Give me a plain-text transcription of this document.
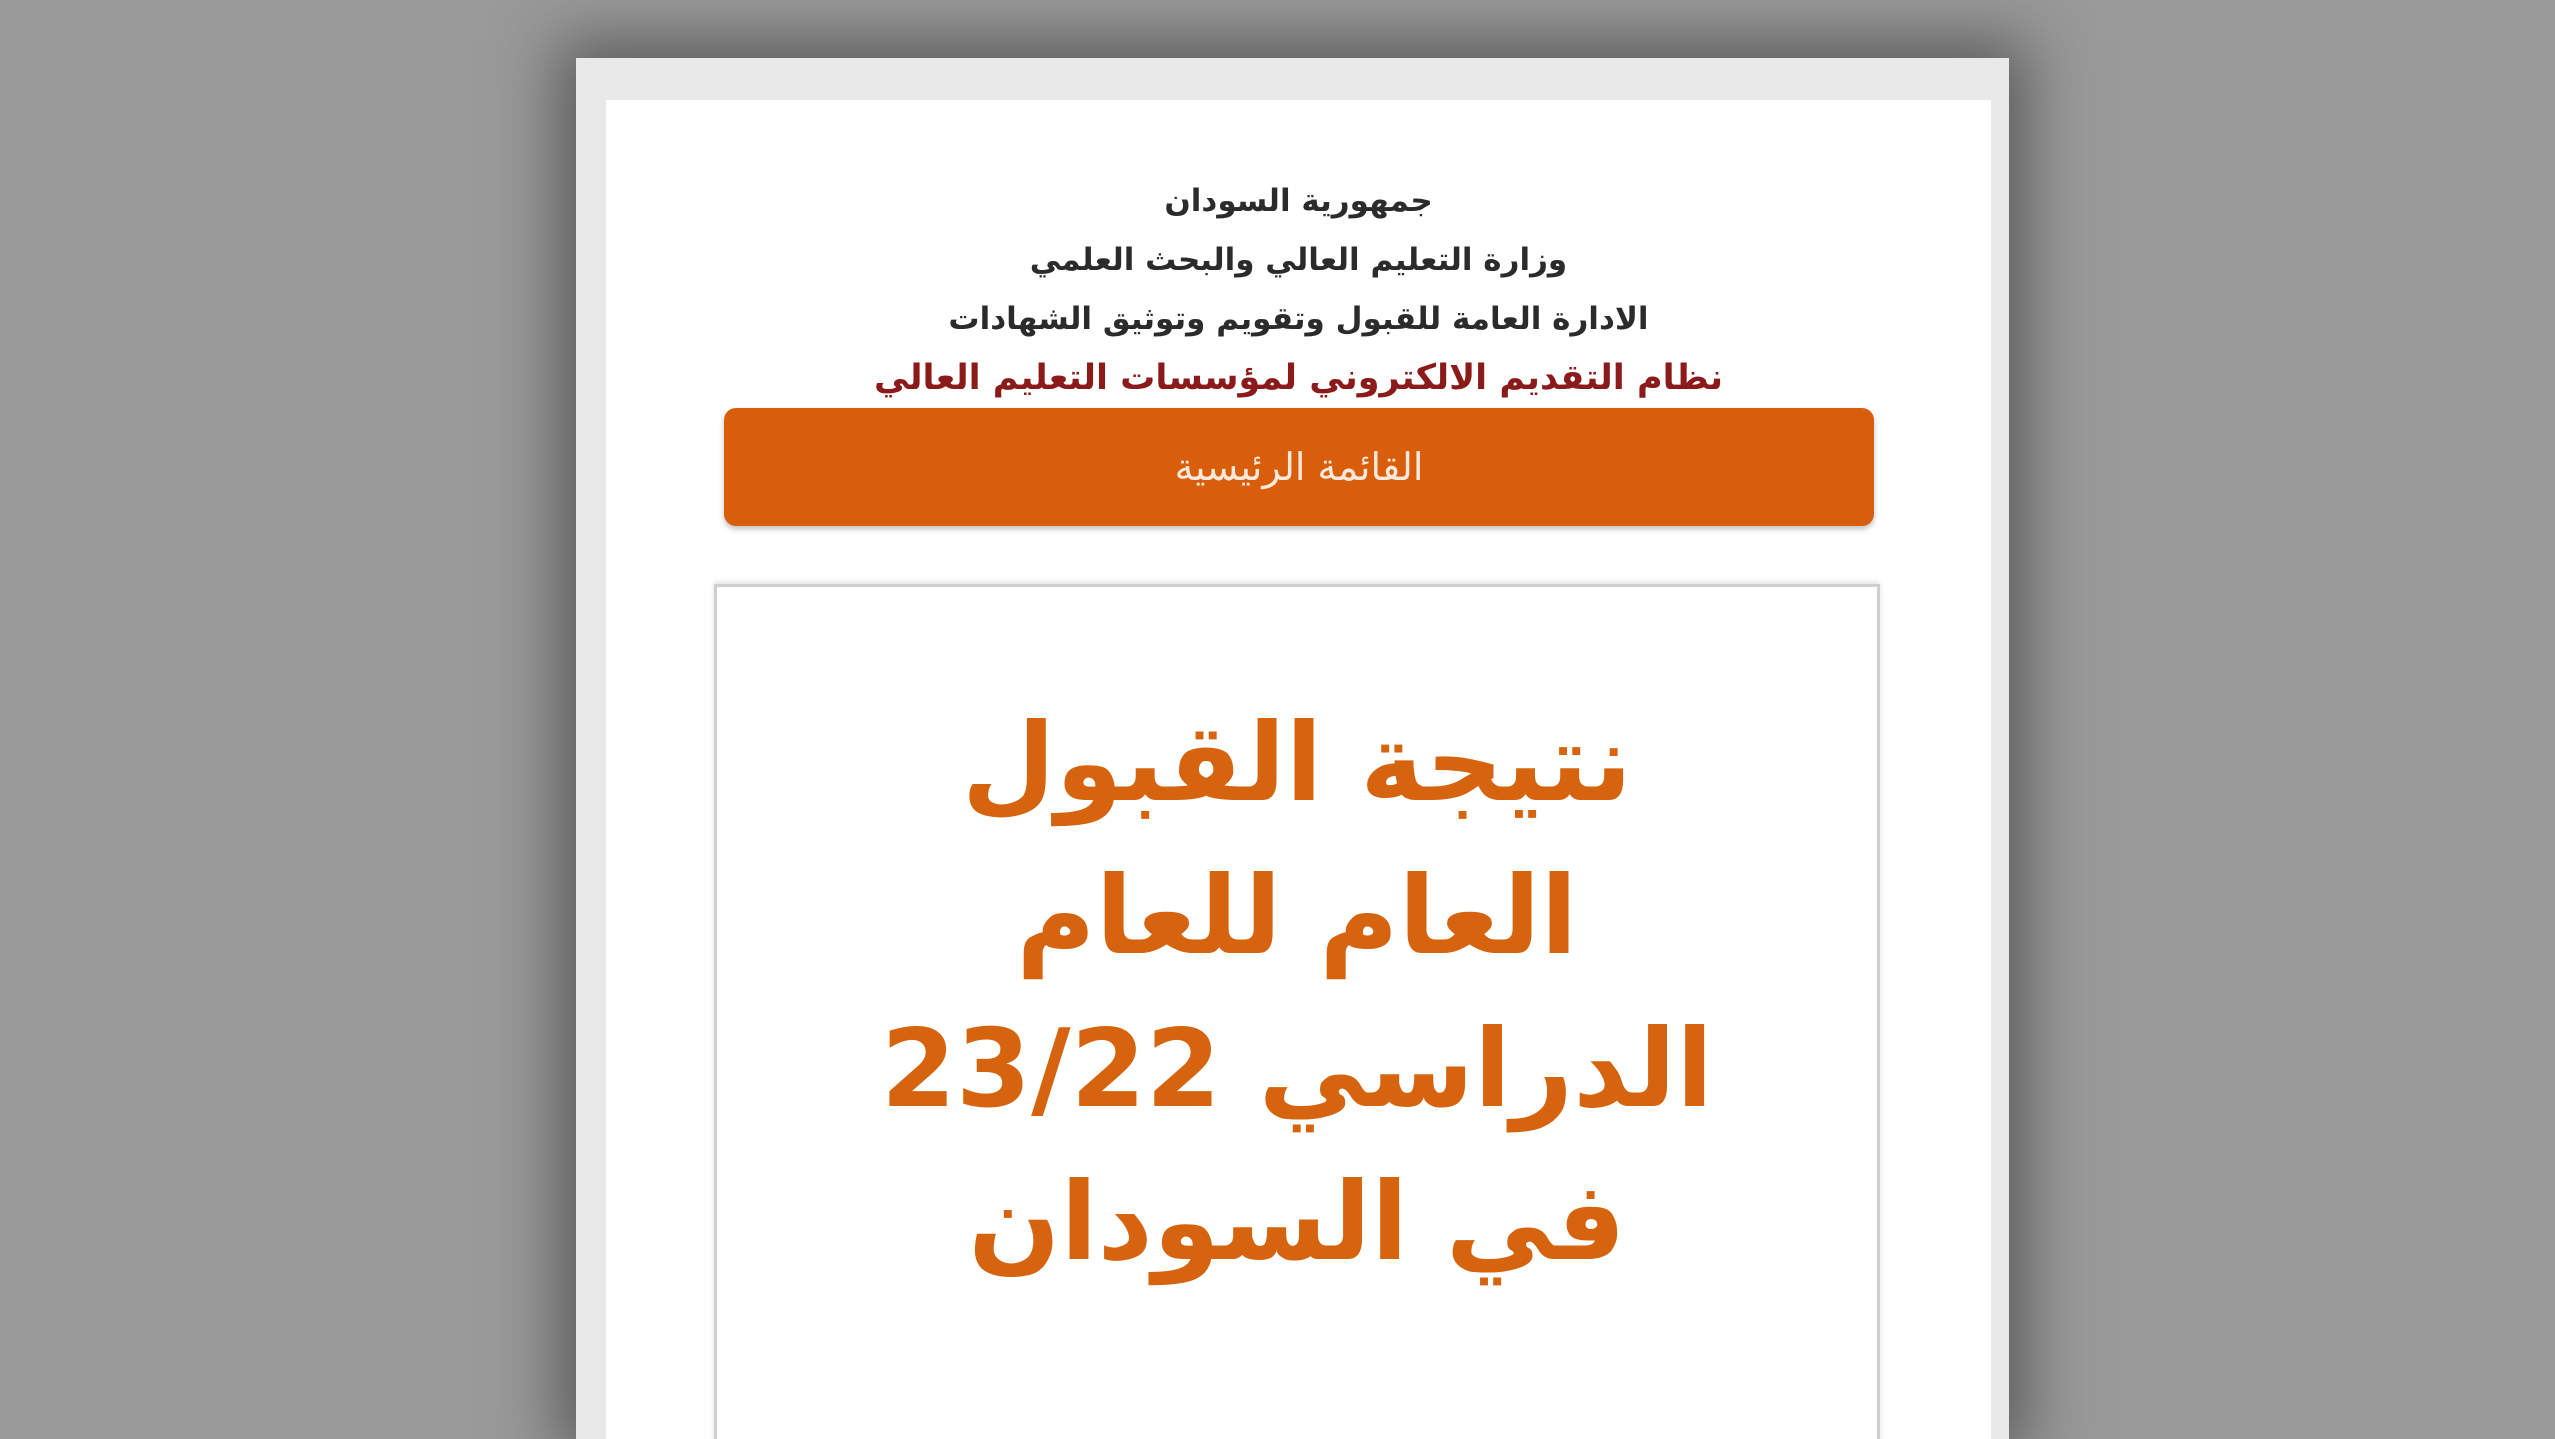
جمهورية السودان
وزارة التعليم العالي والبحث العلمي
الادارة العامة للقبول وتقويم وتوثيق الشهادات
نظام التقديم الالكتروني لمؤسسات التعليم العالي
القائمة الرئيسية
نتيجة القبول
العام للعام
الدراسي 23/22
في السودان
